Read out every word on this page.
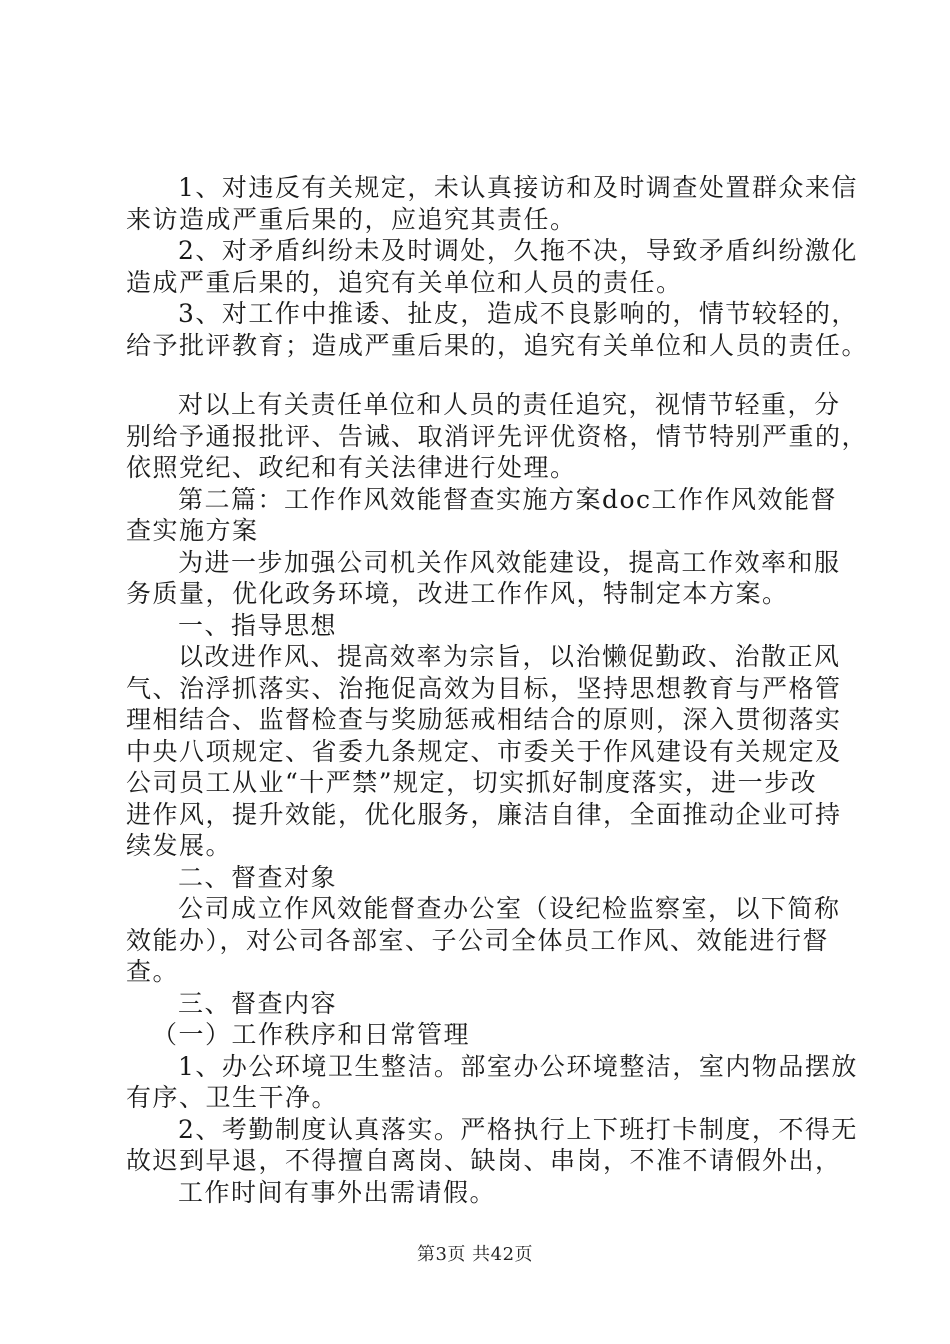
1、对违反有关规定，未认真接访和及时调查处置群众来信

来访造成严重后果的，应追究其责任。

2、对矛盾纠纷未及时调处，久拖不决，导致矛盾纠纷激化

造成严重后果的，追究有关单位和人员的责任。

3、对工作中推诿、扯皮，造成不良影响的，情节较轻的，

给予批评教育；造成严重后果的，追究有关单位和人员的责任。

对以上有关责任单位和人员的责任追究，视情节轻重，分

别给予通报批评、告诫、取消评先评优资格，情节特别严重的，

依照党纪、政纪和有关法律进行处理。

第二篇：工作作风效能督查实施方案doc工作作风效能督

查实施方案

为进一步加强公司机关作风效能建设，提高工作效率和服

务质量，优化政务环境，改进工作作风，特制定本方案。

一、指导思想

以改进作风、提高效率为宗旨，以治懒促勤政、治散正风

气、治浮抓落实、治拖促高效为目标，坚持思想教育与严格管

理相结合、监督检查与奖励惩戒相结合的原则，深入贯彻落实

中央八项规定、省委九条规定、市委关于作风建设有关规定及

公司员工从业“十严禁”规定，切实抓好制度落实，进一步改

进作风，提升效能，优化服务，廉洁自律，全面推动企业可持

续发展。

二、督查对象

公司成立作风效能督查办公室（设纪检监察室，以下简称

效能办），对公司各部室、子公司全体员工作风、效能进行督

查。

三、督查内容

（一）工作秩序和日常管理

1、办公环境卫生整洁。部室办公环境整洁，室内物品摆放

有序、卫生干净。

2、考勤制度认真落实。严格执行上下班打卡制度，不得无

故迟到早退，不得擅自离岗、缺岗、串岗，不准不请假外出，

工作时间有事外出需请假。

第3页 共42页
